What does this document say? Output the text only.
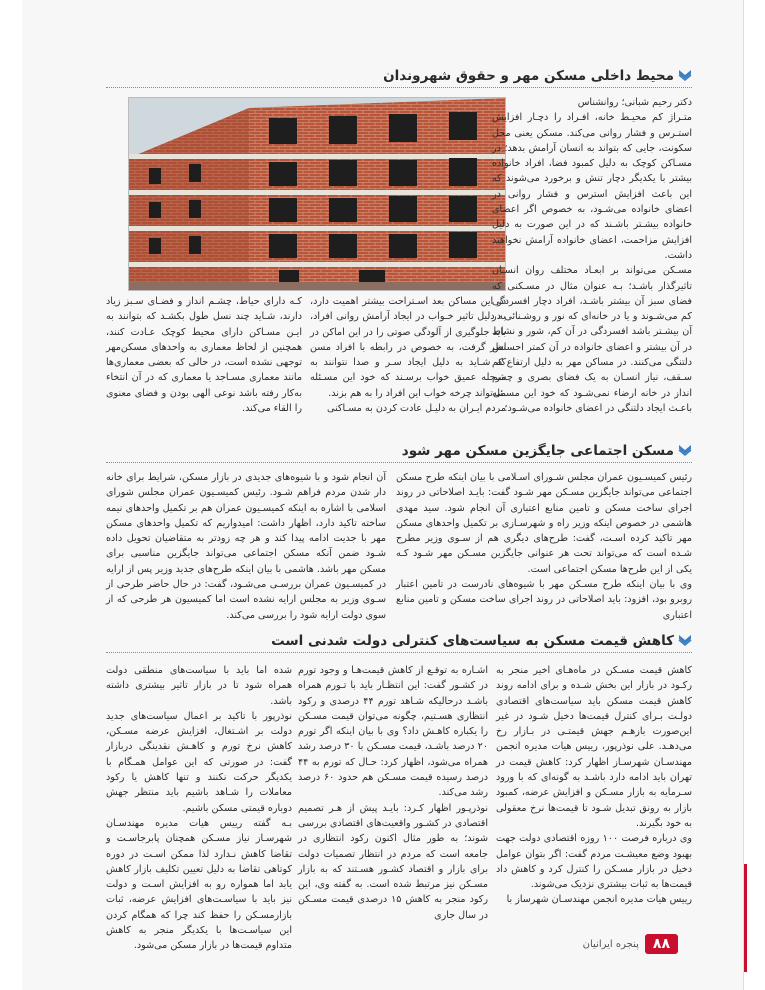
محیط داخلی مسکن مهر و حقوق شهروندان
دکتر رحیم شبانی؛ روانشناس
متـراژ کم محیـط خانه، افـراد را دچـار افزایش استـرس و فشار روانی می‌کند. مسکن یعنی محل سکونت، جایی که بتواند به انسان آرامش بدهد؛ در مسـاکن کوچک به دلیل کمبود فضا، افراد خانواده بیشتر با یکدیگر دچار تنش و برخورد می‌شوند که این باعث افزایش استرس و فشار روانی در اعضای خانواده می‌شـود، به خصوص اگر اعضای خانواده بیشـتر باشـند که در این صورت به دلیل افزایش مزاحمت، اعضای خانواده آرامش نخواهند داشت.
مسـکن می‌تواند بر ابعـاد مختلف روان انسـان تاثیرگذار باشـد؛ بـه عنوان مثال در مسـکنی که فضای سبز آن بیشتر باشـد، افراد دچار افسردگی کم می‌شـوند و یا در خانه‌ای که نور و روشـنائی در آن بیشـتر باشد افسردگی در آن کم، شور و نشاط در آن بیشتر و اعضای خانواده در آن کمتر احساس دلتنگی می‌کنند. در مساکن مهر به دلیل ارتفاع کم سـقف، نیاز انسـان به یک فضای بصری و چشم انداز در خانه ارضاء نمی‌شـود که خود این مسـئله باعـث ایجاد دلتنگی در اعضای خانواده می‌شـود؛
در این مساکن بعد اسـتراحت بیشتر اهمیت دارد، به دلیل تاثیر خـواب در ایجاد آرامش روانی افراد، باید جلوگیری از آلودگی صوتی را در این اماکن در نظر گرفت، به خصوص در رابطه با افراد مسن که شـاید به دلیل ایجاد سـر و صدا نتوانند به مرحله عمیق خواب برسـند که خود این مسـئله می‌تواند چرخه خواب این افراد را به هم بزند.
مردم ایـران به دلیـل عادت کردن به مسـاکنی
کـه دارای حیاط، چشـم انداز و فضـای سـبز زیاد دارند، شـاید چند نسل طول بکشـد که بتوانند به ایـن مسـاکن دارای محیط کوچک عـادت کنند، همچنین از لحاظ معماری به واحدهای مسکن‌مهر توجهی نشده است، در حالی که بعضی معماری‌ها مانند معماری مسـاجد یا معماری که در آن انتخاء به‌کار رفته باشد نوعی الهی بودن و فضای معنوی را القاء می‌کند.
مسکن اجتماعی جایگزین مسکن مهر شود
رئیس کمیسـیون عمران مجلس شـورای اسـلامی با بیان اینکه طرح مسکن اجتماعی می‌تواند جایگزین مسـکن مهر شـود گفت: بایـد اصلاحاتی در روند اجرای ساخت مسکن و تامین منابع اعتباری آن انجام شود. سید مهدی هاشمی در خصوص اینکه وزیر راه و شهرسـازی بر تکمیل واحدهای مسکن مهر تاکید کرده اسـت، گفت: طرح‌های دیگری هم از سـوی وزیر مطرح شـده است که می‌تواند تحت هر عنوانی جایگزین مسـکن مهر شـود کـه یکی از این طرح‌ها مسکن اجتماعی است.
وی با بیان اینکه طرح مسـکن مهر با شیوه‌های نادرست در تامین اعتبار روبرو بود، افزود: باید اصلاحاتی در روند اجرای ساخت مسکن و تامین منابع اعتباری
آن انجام شود و با شیوه‌های جدیدی در بازار مسکن، شرایط برای خانه دار شدن مردم فراهم شـود. رئیس کمیسـیون عمران مجلس شورای اسلامی با اشاره به اینکه کمیسـیون عمران هم بر تکمیل واحدهای نیمه ساخته تاکید دارد، اظهار داشت: امیدواریم که تکمیل واحدهای مسکن مهر با جدیت ادامه پیدا کند و هر چه زودتر به متقاضیان تحویل داده شـود ضمن آنکه مسکن اجتماعی می‌تواند جایگزین مناسبی برای مسکن مهر باشد. هاشمی با بیان اینکه طرح‌های جدید وزیر پس از ارایه در کمیسـیون عمران بررسـی می‌شـود، گفت: در حال حاضر طرحی از سـوی وزیر به مجلس ارایه نشده است اما کمیسیون هر طرحی که از سوی دولت ارایه شود را بررسی می‌کند.
کاهش قیمت مسکن به سیاست‌های کنترلی دولت شدنی است
کاهش قیمت مسـکن در ماه‌هـای اخیر منجر به رکـود در بازار این بخش شـده و برای ادامه روند کاهش قیمت مسکن باید سیاست‌های اقتصادی دولـت بـرای کنترل قیمت‌ها دخیل شـود در غیر این‌صورت بازهـم جهش قیمتـی در بـازار رخ می‌دهـد. علی نوذرپور، رییس هیات مدیره انجمن مهندسـان شهرسـاز اظهار کرد: کاهش قیمت در تهران باید ادامه دارد باشـد به گونه‌ای که با ورود سـرمایه به بازار مسـکن و افزایش عرضه، کمبود بازار به رونق تبدیل شـود تا قیمت‌ها نرخ معقولی به خود بگیرند.
وی درباره فرصت ۱۰۰ روزه اقتصادی دولت جهت بهبود وضع معیشـت مردم گفت: اگر بتوان عوامل دخیل در بازار مسـکن را کنترل کرد و کاهش داد قیمت‌ها به ثبات بیشتری نزدیک می‌شوند.
رییس هیات مدیره انجمن مهندسـان شهرساز با
اشـاره به توقـع از کاهش قیمت‌هـا و وجود تورم در کشـور گفت: این انتظـار باید با تـورم همراه باشـد درحالیکه شـاهد تورم ۴۴ درصدی و رکود انتظاری هسـتیم، چگونه می‌توان قیمت مسـکن را یکباره کاهـش داد؟ وی با بیان اینکه اگر تورم ۲۰ درصد باشـد، قیمت مسـکن با ۳۰ درصد رشد همراه می‌شود، اظهار کرد: حـال که تورم به ۴۴ درصد رسیده قیمت مسـکن هم حدود ۶۰ درصد رشد می‌کند.
نوذرپـور اظهار کـرد: بایـد پیش از هـر تصمیم اقتصادی در کشـور واقعیت‌های اقتصادی بررسی شوند؛ به طور مثال اکنون رکود انتظاری در جامعه است که مردم در انتظار تصمیات دولت برای بازار و اقتصاد کشـور هسـتند که به بازار مسـکن نیز مرتبط شده است. به گفته وی، این رکود منجر به کاهش ۱۵ درصدی قیمت مسـکن در سال جاری
شده اما باید با سیاست‌های منطقی دولت همراه شود تا در بازار تاثیر بیشتری داشته باشد.
نوذرپور با تاکید بر اعمال سیاست‌های جدید دولت بر اشـتغال، افزایش عرضه مسـکن، کاهش نرخ تورم و کاهـش نقدینگی دربازار گفت: در صورتی که این عوامل همـگام با یکدیگر حرکت نکنند و تنها کاهش یا رکود معاملات را شـاهد باشیم باید منتظر جهش دوباره قیمتی مسکن باشیم.
بـه گفته رییس هیات مدیره مهندسـان شهرسـاز نیاز مسـکن همچنان پابرجاسـت و تقاضا کاهش نـدارد لذا ممکن اسـت در دوره کوتاهی تقاضا به دلیل تعیین تکلیف بازار کاهش یابد اما همواره رو به افزایش اسـت و دولت نیز باید با سیاسـت‌های افزایش عرضه، ثبات بازارمسـکن را حفظ کند چرا که همگام کردن این سیاسـت‌ها با یکدیگر منجر به کاهش متداوم قیمت‌ها در بازار مسکن می‌شود.	۸۸
پنجره ایرانیان
